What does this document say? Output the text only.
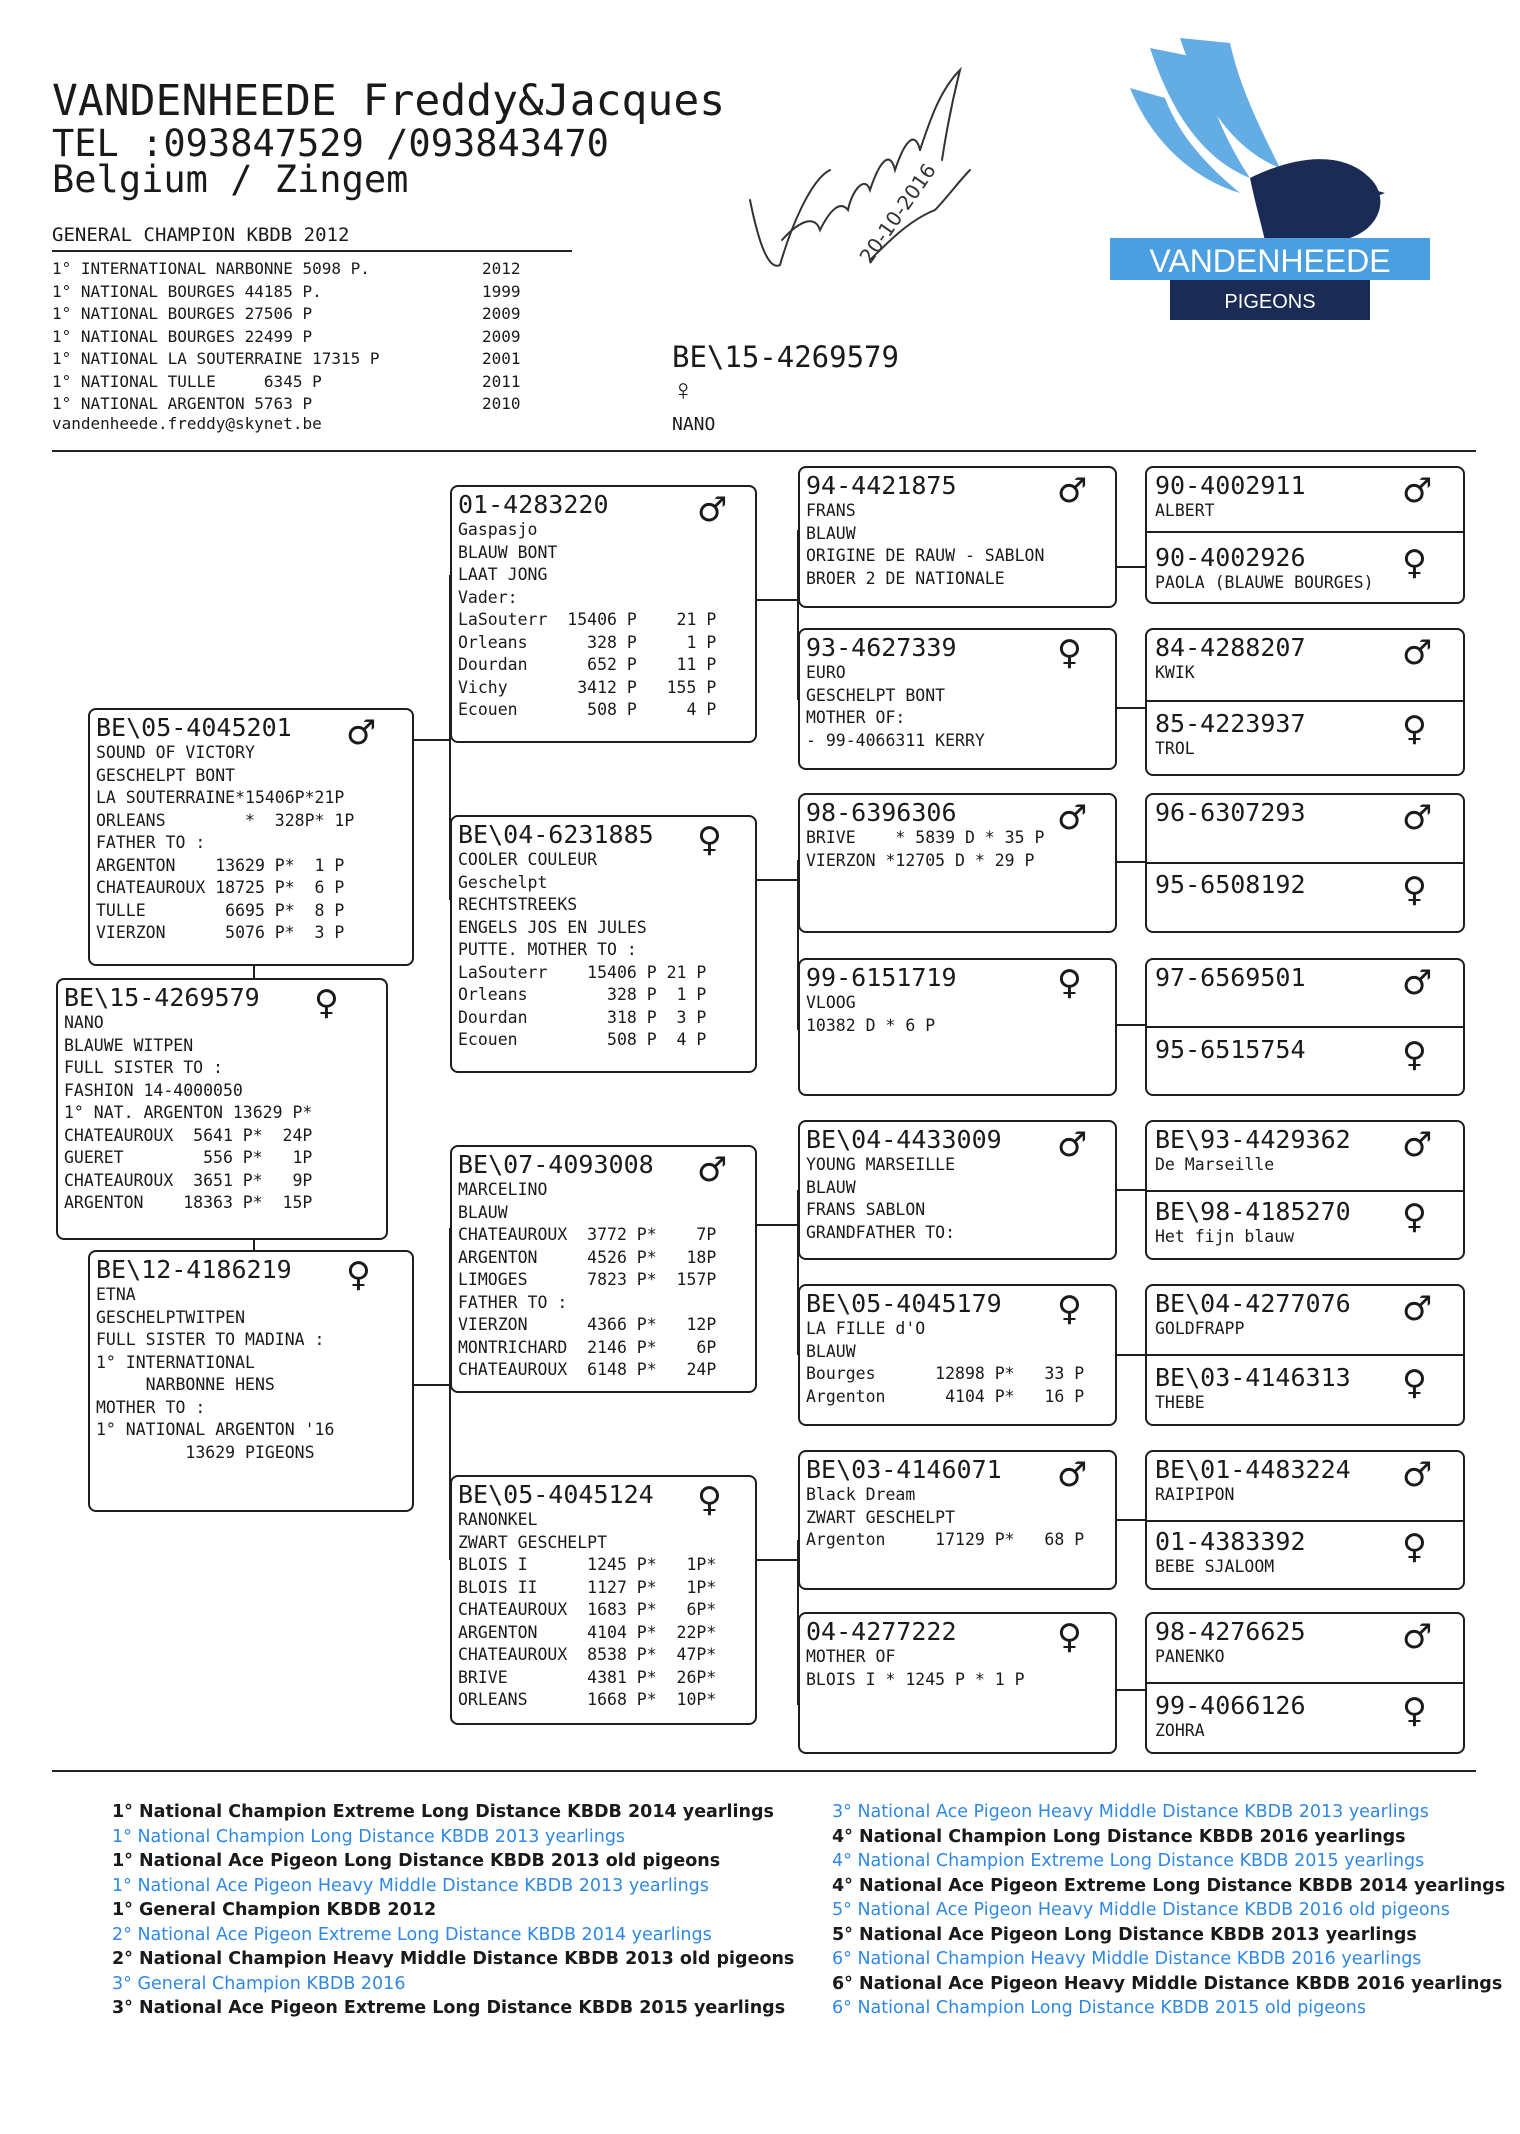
VANDENHEEDE Freddy&Jacques
TEL :093847529 /093843470
Belgium / Zingem
GENERAL CHAMPION KBDB 2012
1° INTERNATIONAL NARBONNE 5098 P.	2012
1° NATIONAL BOURGES 44185 P.	1999
1° NATIONAL BOURGES 27506 P	2009
1° NATIONAL BOURGES 22499 P	2009
1° NATIONAL LA SOUTERRAINE 17315 P	2001
1° NATIONAL TULLE     6345 P	2011
1° NATIONAL ARGENTON 5763 P	2010
vandenheede.freddy@skynet.be
BE\15-4269579
♀
NANO
20-10-2016	VANDENHEEDE
PIGEONS
BE\15-4269579	♀
NANO
BLAUWE WITPEN
FULL SISTER TO :
FASHION 14-4000050
1° NAT. ARGENTON 13629 P*
CHATEAUROUX  5641 P*  24P
GUERET        556 P*   1P
CHATEAUROUX  3651 P*   9P
ARGENTON    18363 P*  15P
BE\05-4045201	♂
SOUND OF VICTORY
GESCHELPT BONT
LA SOUTERRAINE*15406P*21P
ORLEANS        *  328P* 1P
FATHER TO :
ARGENTON    13629 P*  1 P
CHATEAUROUX 18725 P*  6 P
TULLE        6695 P*  8 P
VIERZON      5076 P*  3 P
BE\12-4186219	♀
ETNA
GESCHELPTWITPEN
FULL SISTER TO MADINA :
1° INTERNATIONAL
NARBONNE HENS
MOTHER TO :
1° NATIONAL ARGENTON '16
13629 PIGEONS
01-4283220	♂
Gaspasjo
BLAUW BONT
LAAT JONG
Vader:
LaSouterr  15406 P    21 P
Orleans      328 P     1 P
Dourdan      652 P    11 P
Vichy       3412 P   155 P
Ecouen       508 P     4 P
BE\04-6231885	♀
COOLER COULEUR
Geschelpt
RECHTSTREEKS
ENGELS JOS EN JULES
PUTTE. MOTHER TO :
LaSouterr    15406 P 21 P
Orleans        328 P  1 P
Dourdan        318 P  3 P
Ecouen         508 P  4 P
BE\07-4093008	♂
MARCELINO
BLAUW
CHATEAUROUX  3772 P*    7P
ARGENTON     4526 P*   18P
LIMOGES      7823 P*  157P
FATHER TO :
VIERZON      4366 P*   12P
MONTRICHARD  2146 P*    6P
CHATEAUROUX  6148 P*   24P
BE\05-4045124	♀
RANONKEL
ZWART GESCHELPT
BLOIS I      1245 P*   1P*
BLOIS II     1127 P*   1P*
CHATEAUROUX  1683 P*   6P*
ARGENTON     4104 P*  22P*
CHATEAUROUX  8538 P*  47P*
BRIVE        4381 P*  26P*
ORLEANS      1668 P*  10P*
94-4421875	♂
FRANS
BLAUW
ORIGINE DE RAUW - SABLON
BROER 2 DE NATIONALE
93-4627339	♀
EURO
GESCHELPT BONT
MOTHER OF:
- 99-4066311 KERRY
98-6396306	♂
BRIVE    * 5839 D * 35 P
VIERZON *12705 D * 29 P
99-6151719	♀
VLOOG
10382 D * 6 P
BE\04-4433009	♂
YOUNG MARSEILLE
BLAUW
FRANS SABLON
GRANDFATHER TO:
BE\05-4045179	♀
LA FILLE d'O
BLAUW
Bourges      12898 P*   33 P
Argenton      4104 P*   16 P
BE\03-4146071	♂
Black Dream
ZWART GESCHELPT
Argenton     17129 P*   68 P
04-4277222	♀
MOTHER OF
BLOIS I * 1245 P * 1 P
90-4002911
ALBERT	♂
90-4002926
PAOLA (BLAUWE BOURGES) ♀
84-4288207
KWIK	♂
85-4223937
TROL	♀
96-6307293	♂
95-6508192	♀
97-6569501	♂
95-6515754	♀
BE\93-4429362
De Marseille	♂
BE\98-4185270
Het fijn blauw	♀
BE\04-4277076
GOLDFRAPP	♂
BE\03-4146313
THEBE	♀
BE\01-4483224
RAIPIPON	♂
01-4383392
BEBE SJALOOM	♀
98-4276625
PANENKO	♂
99-4066126
ZOHRA	♀
1° National Champion Extreme Long Distance KBDB 2014 yearlings
1° National Champion Long Distance KBDB 2013 yearlings
1° National Ace Pigeon Long Distance KBDB 2013 old pigeons
1° National Ace Pigeon Heavy Middle Distance KBDB 2013 yearlings
1° General Champion KBDB 2012
2° National Ace Pigeon Extreme Long Distance KBDB 2014 yearlings
2° National Champion Heavy Middle Distance KBDB 2013 old pigeons
3° General Champion KBDB 2016
3° National Ace Pigeon Extreme Long Distance KBDB 2015 yearlings
3° National Ace Pigeon Heavy Middle Distance KBDB 2013 yearlings
4° National Champion Long Distance KBDB 2016 yearlings
4° National Champion Extreme Long Distance KBDB 2015 yearlings
4° National Ace Pigeon Extreme Long Distance KBDB 2014 yearlings
5° National Ace Pigeon Heavy Middle Distance KBDB 2016 old pigeons
5° National Ace Pigeon Long Distance KBDB 2013 yearlings
6° National Champion Heavy Middle Distance KBDB 2016 yearlings
6° National Ace Pigeon Heavy Middle Distance KBDB 2016 yearlings
6° National Champion Long Distance KBDB 2015 old pigeons
